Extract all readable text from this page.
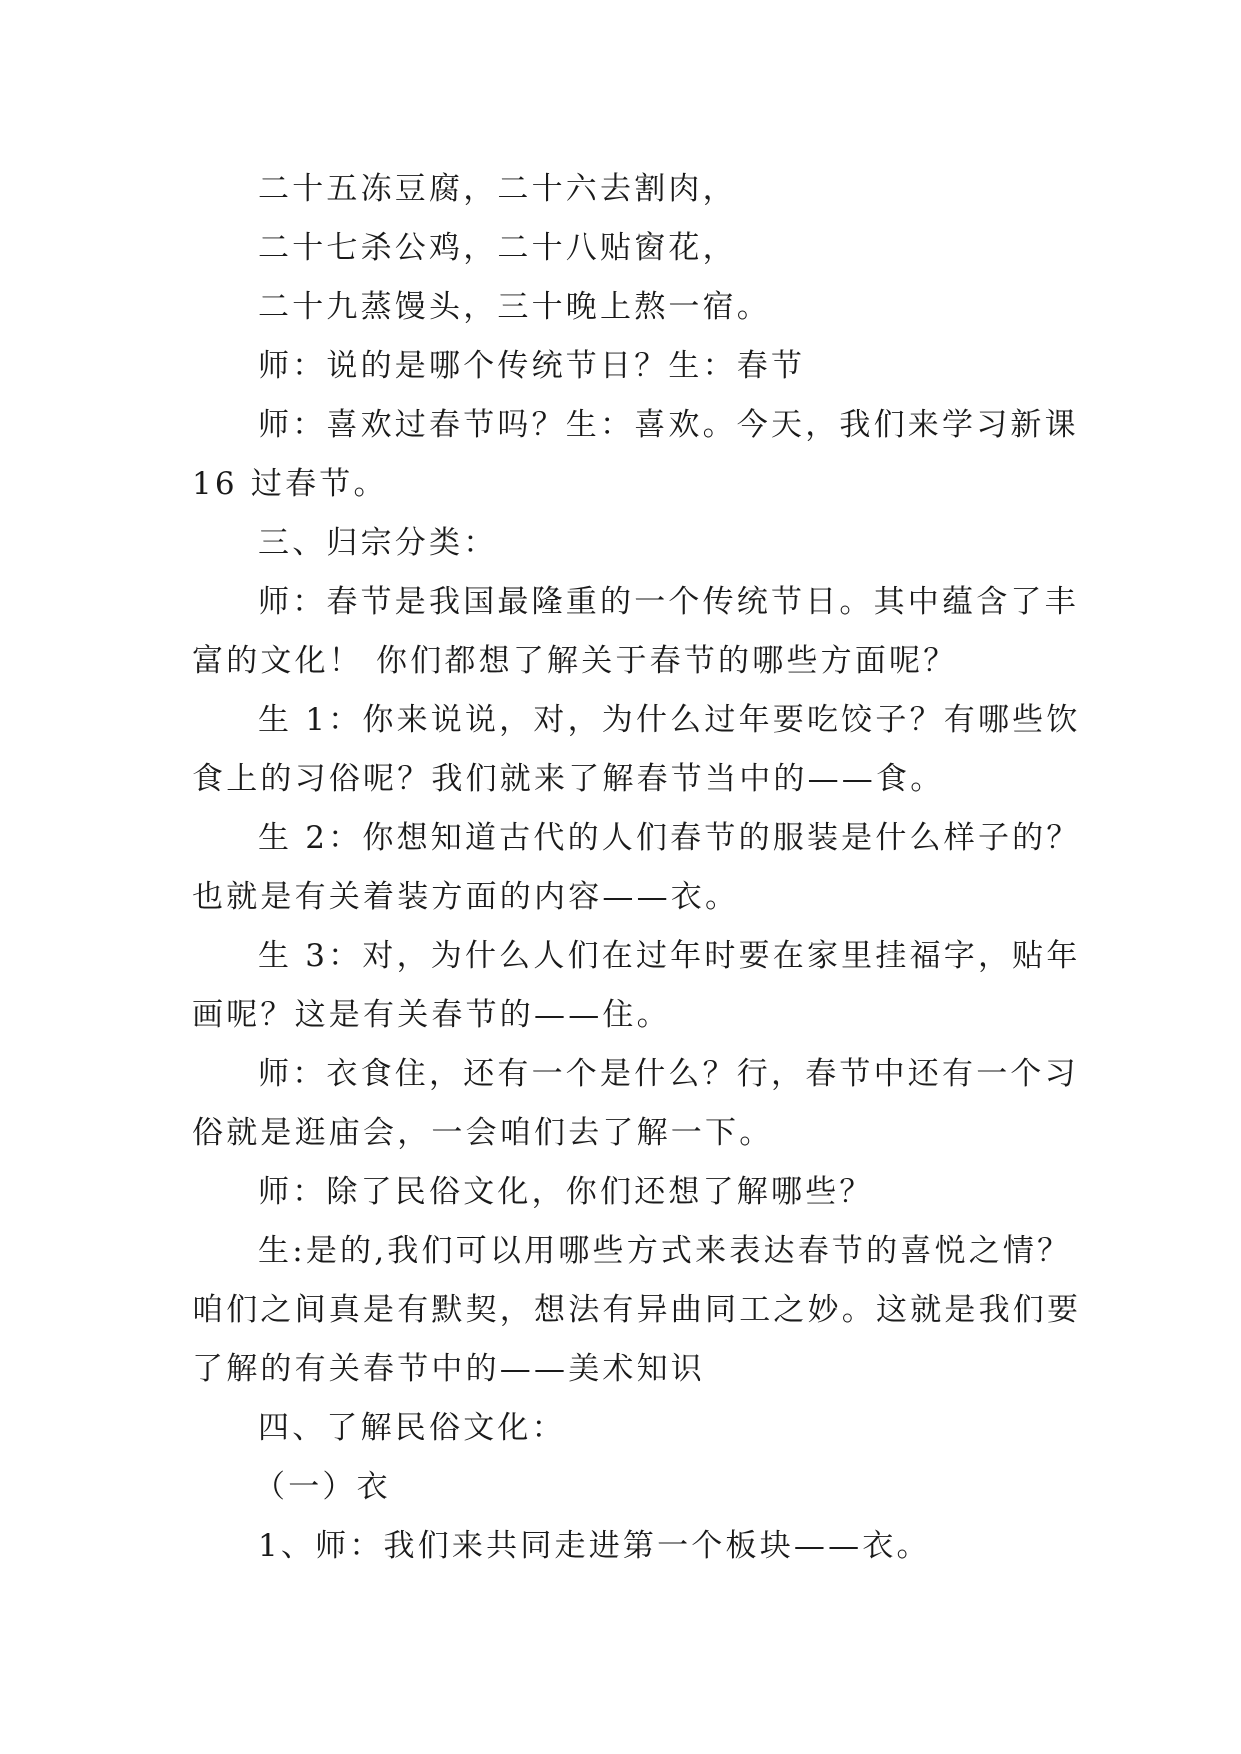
二十五冻豆腐，二十六去割肉，
二十七杀公鸡，二十八贴窗花，
二十九蒸馒头，三十晚上熬一宿。
师：说的是哪个传统节日？生：春节
师：喜欢过春节吗？生：喜欢。今天，我们来学习新课
16 过春节。
三、归宗分类：
师：春节是我国最隆重的一个传统节日。其中蕴含了丰
富的文化！ 你们都想了解关于春节的哪些方面呢？
生 1：你来说说，对，为什么过年要吃饺子？有哪些饮
食上的习俗呢？我们就来了解春节当中的——食。
生 2：你想知道古代的人们春节的服装是什么样子的？
也就是有关着装方面的内容——衣。
生 3：对，为什么人们在过年时要在家里挂福字，贴年
画呢？这是有关春节的——住。
师：衣食住，还有一个是什么？行，春节中还有一个习
俗就是逛庙会，一会咱们去了解一下。
师：除了民俗文化，你们还想了解哪些？
生:是的,我们可以用哪些方式来表达春节的喜悦之情？
咱们之间真是有默契，想法有异曲同工之妙。这就是我们要
了解的有关春节中的——美术知识
四、了解民俗文化：
（一）衣
1、师：我们来共同走进第一个板块——衣。
